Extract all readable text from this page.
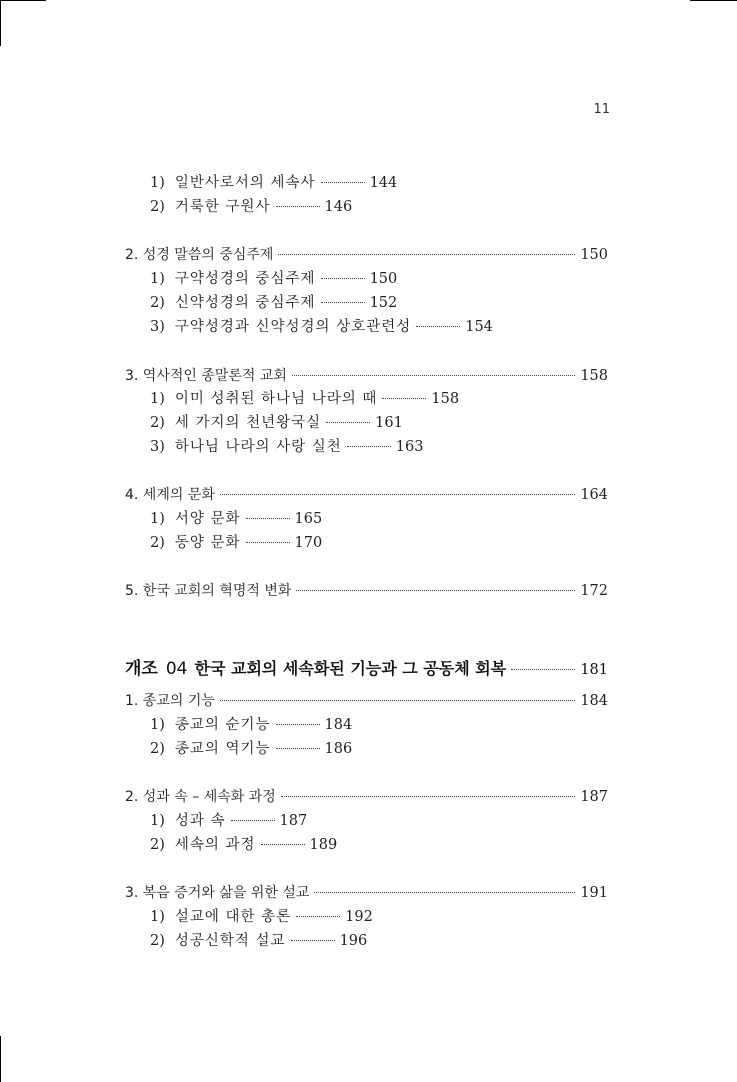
11
1) 일반사로서의 세속사	144
2) 거룩한 구원사	146
2. 성경 말씀의 중심주제	150
1) 구약성경의 중심주제	150
2) 신약성경의 중심주제	152
3) 구약성경과 신약성경의 상호관련성	154
3. 역사적인 종말론적 교회	158
1) 이미 성취된 하나님 나라의 때	158
2) 세 가지의 천년왕국실	161
3) 하나님 나라의 사랑 실천	163
4. 세계의 문화	164
1) 서양 문화	165
2) 동양 문화	170
5. 한국 교회의 혁명적 변화	172
개조 04 한국 교회의 세속화된 기능과 그 공동체 회복	181
1. 종교의 기능	184
1) 종교의 순기능	184
2) 종교의 역기능	186
2. 성과 속 – 세속화 과정	187
1) 성과 속	187
2) 세속의 과정	189
3. 복음 증거와 삶을 위한 설교	191
1) 설교에 대한 총론	192
2) 성공신학적 설교	196
